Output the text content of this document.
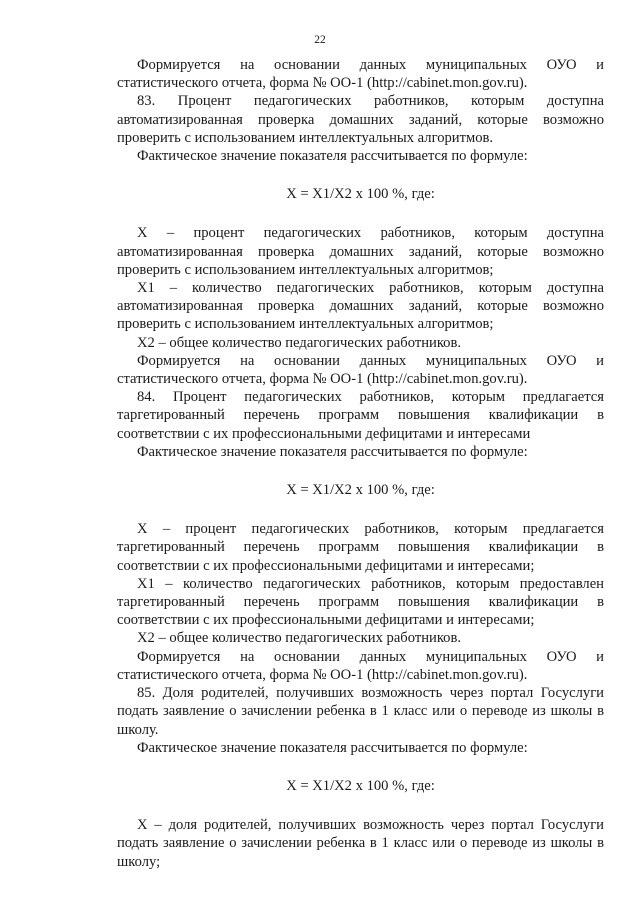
22

Формируется на основании данных муниципальных ОУО и статистического отчета, форма № ОО-1 (http://cabinet.mon.gov.ru).

83. Процент педагогических работников, которым доступна автоматизированная проверка домашних заданий, которые возможно проверить с использованием интеллектуальных алгоритмов.

Фактическое значение показателя рассчитывается по формуле:

Х = Х1/Х2 х 100 %, где:

Х – процент педагогических работников, которым доступна автоматизированная проверка домашних заданий, которые возможно проверить с использованием интеллектуальных алгоритмов;

Х1 – количество педагогических работников, которым доступна автоматизированная проверка домашних заданий, которые возможно проверить с использованием интеллектуальных алгоритмов;

Х2 – общее количество педагогических работников.

Формируется на основании данных муниципальных ОУО и статистического отчета, форма № ОО-1 (http://cabinet.mon.gov.ru).

84. Процент педагогических работников, которым предлагается таргетированный перечень программ повышения квалификации в соответствии с их профессиональными дефицитами и интересами

Фактическое значение показателя рассчитывается по формуле:

Х = Х1/Х2 х 100 %, где:

Х – процент педагогических работников, которым предлагается таргетированный перечень программ повышения квалификации в соответствии с их профессиональными дефицитами и интересами;

Х1 – количество педагогических работников, которым предоставлен таргетированный перечень программ повышения квалификации в соответствии с их профессиональными дефицитами и интересами;

Х2 – общее количество педагогических работников.

Формируется на основании данных муниципальных ОУО и статистического отчета, форма № ОО-1 (http://cabinet.mon.gov.ru).

85. Доля родителей, получивших возможность через портал Госуслуги подать заявление о зачислении ребенка в 1 класс или о переводе из школы в школу.

Фактическое значение показателя рассчитывается по формуле:

Х = Х1/Х2 х 100 %, где:

Х – доля родителей, получивших возможность через портал Госуслуги подать заявление о зачислении ребенка в 1 класс или о переводе из школы в школу;
